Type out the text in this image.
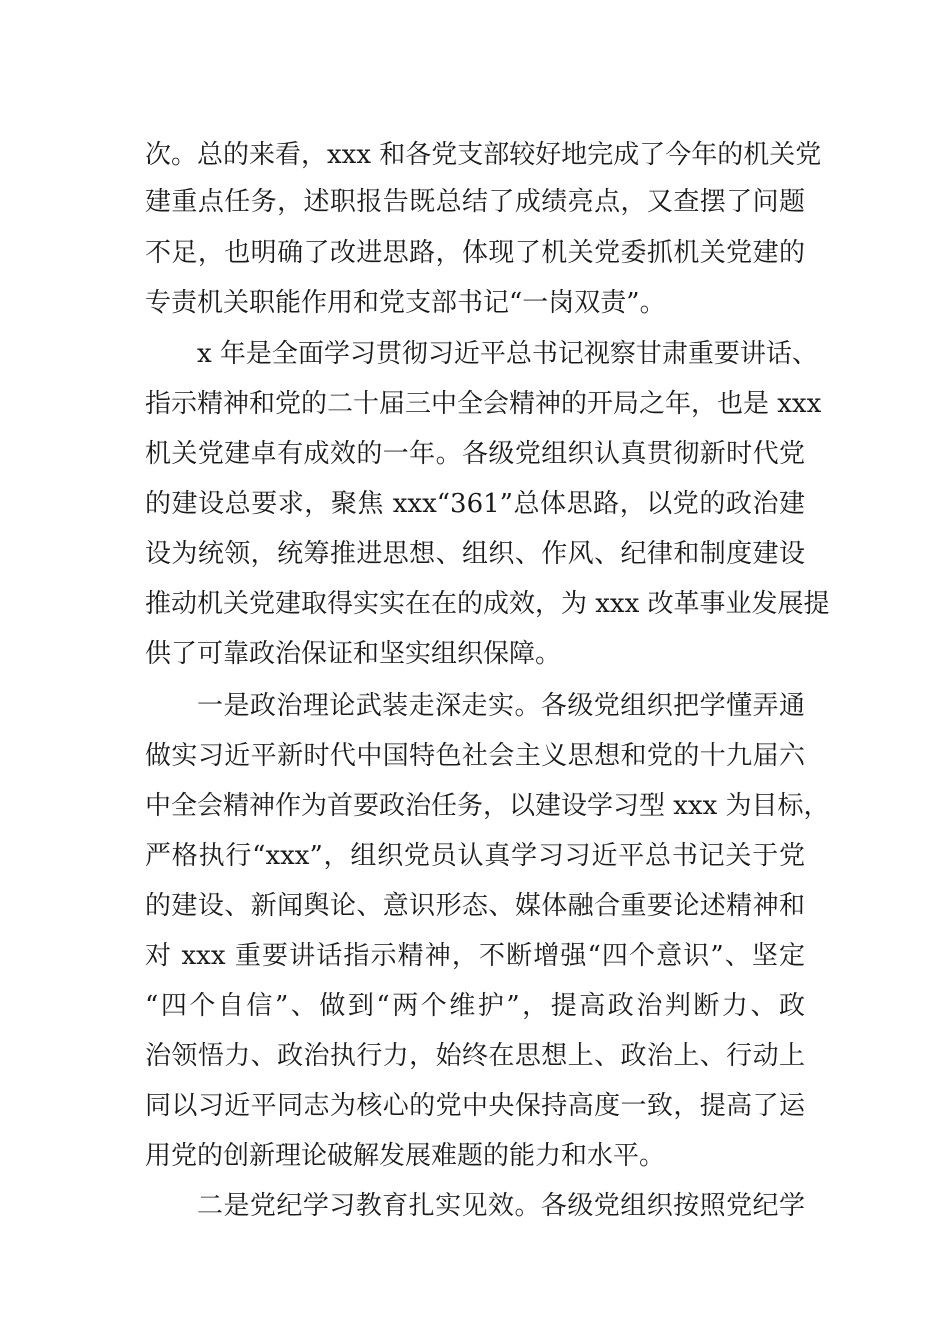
次。总的来看，xxx 和各党支部较好地完成了今年的机关党
建重点任务，述职报告既总结了成绩亮点，又查摆了问题
不足，也明确了改进思路，体现了机关党委抓机关党建的
专责机关职能作用和党支部书记“一岗双责”。
x 年是全面学习贯彻习近平总书记视察甘肃重要讲话、
指示精神和党的二十届三中全会精神的开局之年，也是 xxx
机关党建卓有成效的一年。各级党组织认真贯彻新时代党
的建设总要求，聚焦 xxx“361”总体思路，以党的政治建
设为统领，统筹推进思想、组织、作风、纪律和制度建设
推动机关党建取得实实在在的成效，为 xxx 改革事业发展提
供了可靠政治保证和坚实组织保障。
一是政治理论武装走深走实。各级党组织把学懂弄通
做实习近平新时代中国特色社会主义思想和党的十九届六
中全会精神作为首要政治任务，以建设学习型 xxx 为目标，
严格执行“xxx”，组织党员认真学习习近平总书记关于党
的建设、新闻舆论、意识形态、媒体融合重要论述精神和
对 xxx 重要讲话指示精神，不断增强“四个意识”、坚定
“四个自信”、做到“两个维护”，提高政治判断力、政
治领悟力、政治执行力，始终在思想上、政治上、行动上
同以习近平同志为核心的党中央保持高度一致，提高了运
用党的创新理论破解发展难题的能力和水平。
二是党纪学习教育扎实见效。各级党组织按照党纪学
